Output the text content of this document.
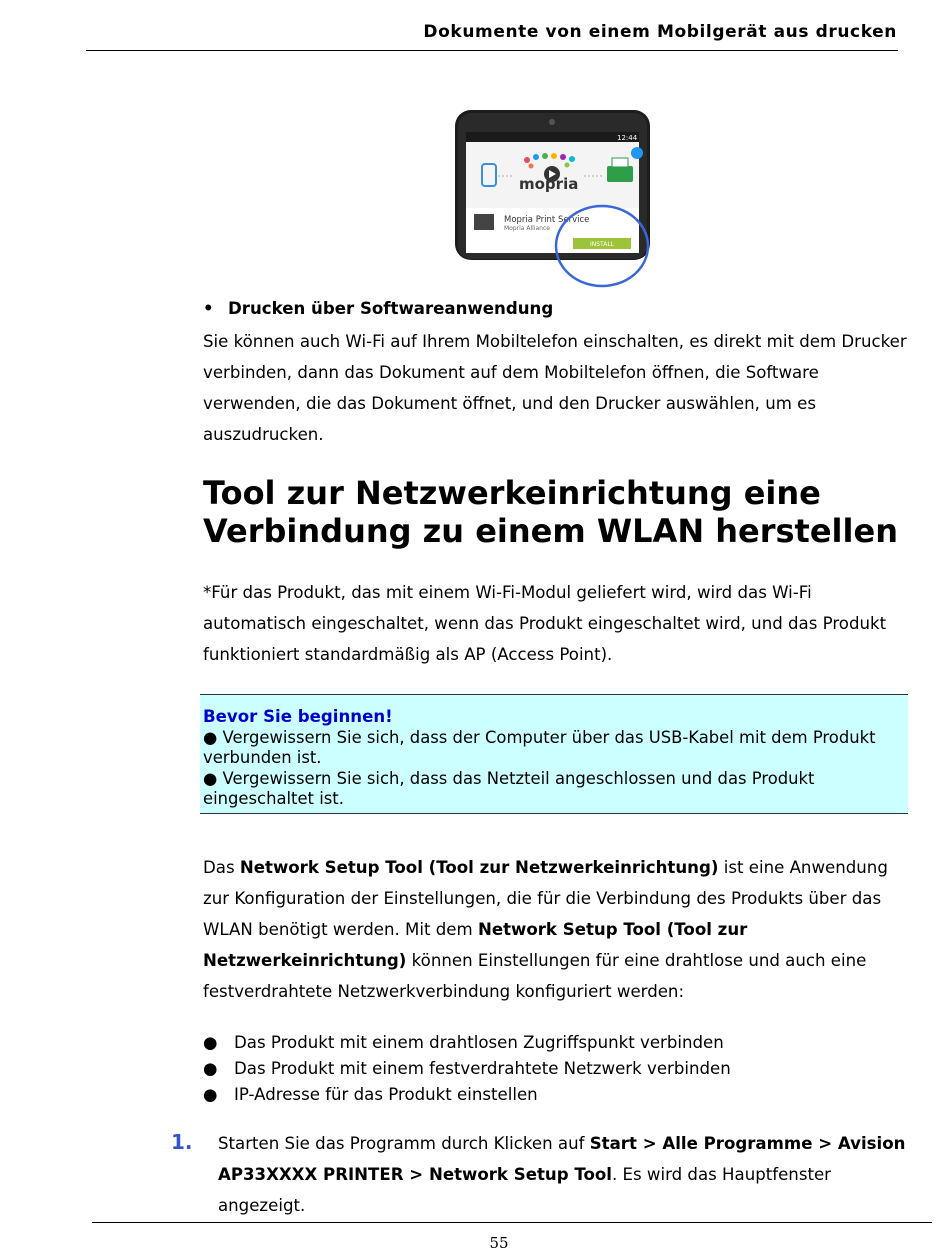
Dokumente von einem Mobilgerät aus drucken
12:44
mopria
Mopria Print Service
Mopria Alliance
INSTALL
• Drucken über Softwareanwendung
Sie können auch Wi-Fi auf Ihrem Mobiltelefon einschalten, es direkt mit dem Drucker verbinden, dann das Dokument auf dem Mobiltelefon öffnen, die Software verwenden, die das Dokument öffnet, und den Drucker auswählen, um es auszudrucken.
Tool zur Netzwerkeinrichtung eine Verbindung zu einem WLAN herstellen
*Für das Produkt, das mit einem Wi-Fi-Modul geliefert wird, wird das Wi-Fi automatisch eingeschaltet, wenn das Produkt eingeschaltet wird, und das Produkt funktioniert standardmäßig als AP (Access Point).
Bevor Sie beginnen!
● Vergewissern Sie sich, dass der Computer über das USB-Kabel mit dem Produkt verbunden ist.
● Vergewissern Sie sich, dass das Netzteil angeschlossen und das Produkt eingeschaltet ist.
Das Network Setup Tool (Tool zur Netzwerkeinrichtung) ist eine Anwendung zur Konfiguration der Einstellungen, die für die Verbindung des Produkts über das WLAN benötigt werden. Mit dem Network Setup Tool (Tool zur Netzwerkeinrichtung) können Einstellungen für eine drahtlose und auch eine festverdrahtete Netzwerkverbindung konfiguriert werden:
● Das Produkt mit einem drahtlosen Zugriffspunkt verbinden
● Das Produkt mit einem festverdrahtete Netzwerk verbinden
● IP-Adresse für das Produkt einstellen
1. Starten Sie das Programm durch Klicken auf Start > Alle Programme > Avision AP33XXXX PRINTER > Network Setup Tool. Es wird das Hauptfenster angezeigt.
55
